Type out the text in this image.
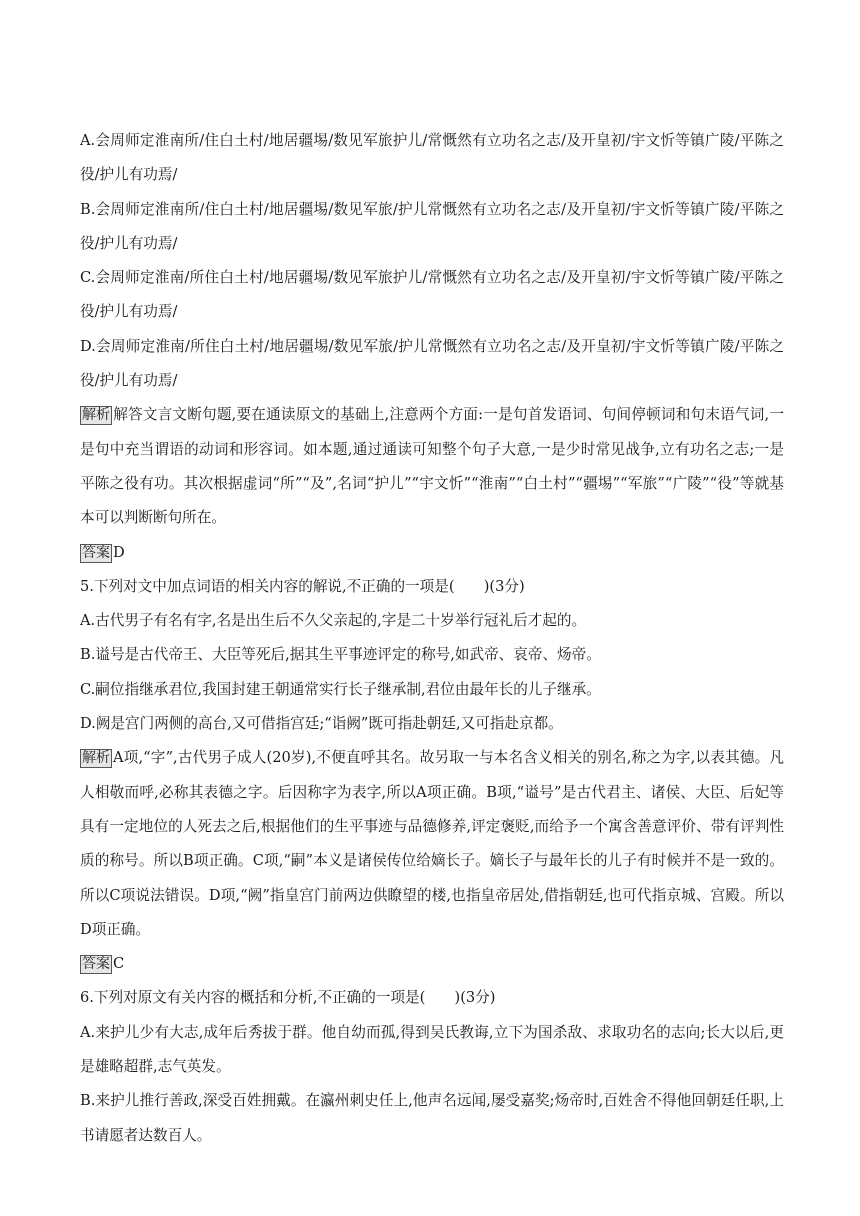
A.会周师定淮南所/住白土村/地居疆埸/数见军旅护儿/常慨然有立功名之志/及开皇初/宇文忻等镇广陵/平陈之役/护儿有功焉/

B.会周师定淮南所/住白土村/地居疆埸/数见军旅/护儿常慨然有立功名之志/及开皇初/宇文忻等镇广陵/平陈之役/护儿有功焉/

C.会周师定淮南/所住白土村/地居疆埸/数见军旅护儿/常慨然有立功名之志/及开皇初/宇文忻等镇广陵/平陈之役/护儿有功焉/

D.会周师定淮南/所住白土村/地居疆埸/数见军旅/护儿常慨然有立功名之志/及开皇初/宇文忻等镇广陵/平陈之役/护儿有功焉/

解析 解答文言文断句题,要在通读原文的基础上,注意两个方面:一是句首发语词、句间停顿词和句末语气词,一是句中充当谓语的动词和形容词。如本题,通过通读可知整个句子大意,一是少时常见战争,立有功名之志;一是平陈之役有功。其次根据虚词“所”“及”,名词“护儿”“宇文忻”“淮南”“白土村”“疆埸”“军旅”“广陵”“役”等就基本可以判断断句所在。

答案 D

5.下列对文中加点词语的相关内容的解说,不正确的一项是(　　)(3分)

A.古代男子有名有字,名是出生后不久父亲起的,字是二十岁举行冠礼后才起的。

B.谥号是古代帝王、大臣等死后,据其生平事迹评定的称号,如武帝、哀帝、炀帝。

C.嗣位指继承君位,我国封建王朝通常实行长子继承制,君位由最年长的儿子继承。

D.阙是宫门两侧的高台,又可借指宫廷;“诣阙”既可指赴朝廷,又可指赴京都。

解析 A项,“字”,古代男子成人(20岁),不便直呼其名。故另取一与本名含义相关的别名,称之为字,以表其德。凡人相敬而呼,必称其表德之字。后因称字为表字,所以A项正确。B项,“谥号”是古代君主、诸侯、大臣、后妃等具有一定地位的人死去之后,根据他们的生平事迹与品德修养,评定褒贬,而给予一个寓含善意评价、带有评判性质的称号。所以B项正确。C项,“嗣”本义是诸侯传位给嫡长子。嫡长子与最年长的儿子有时候并不是一致的。所以C项说法错误。D项,“阙”指皇宫门前两边供瞭望的楼,也指皇帝居处,借指朝廷,也可代指京城、宫殿。所以D项正确。

答案 C

6.下列对原文有关内容的概括和分析,不正确的一项是(　　)(3分)

A.来护儿少有大志,成年后秀拔于群。他自幼而孤,得到吴氏教诲,立下为国杀敌、求取功名的志向;长大以后,更是雄略超群,志气英发。

B.来护儿推行善政,深受百姓拥戴。在瀛州刺史任上,他声名远闻,屡受嘉奖;炀帝时,百姓舍不得他回朝廷任职,上书请愿者达数百人。
